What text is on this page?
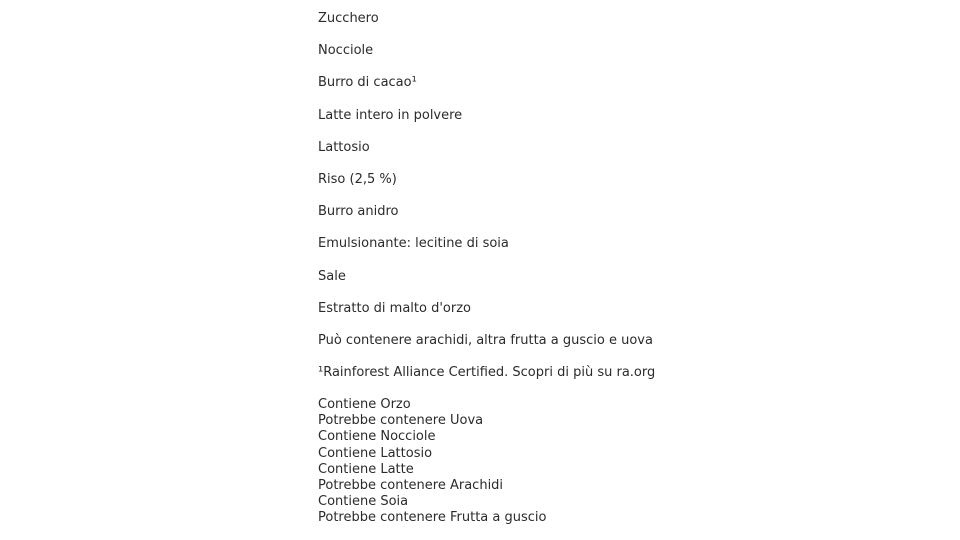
Zucchero
Nocciole
Burro di cacao¹
Latte intero in polvere
Lattosio
Riso (2,5 %)
Burro anidro
Emulsionante: lecitine di soia
Sale
Estratto di malto d'orzo
Può contenere arachidi, altra frutta a guscio e uova
¹Rainforest Alliance Certified. Scopri di più su ra.org
Contiene Orzo
Potrebbe contenere Uova
Contiene Nocciole
Contiene Lattosio
Contiene Latte
Potrebbe contenere Arachidi
Contiene Soia
Potrebbe contenere Frutta a guscio
